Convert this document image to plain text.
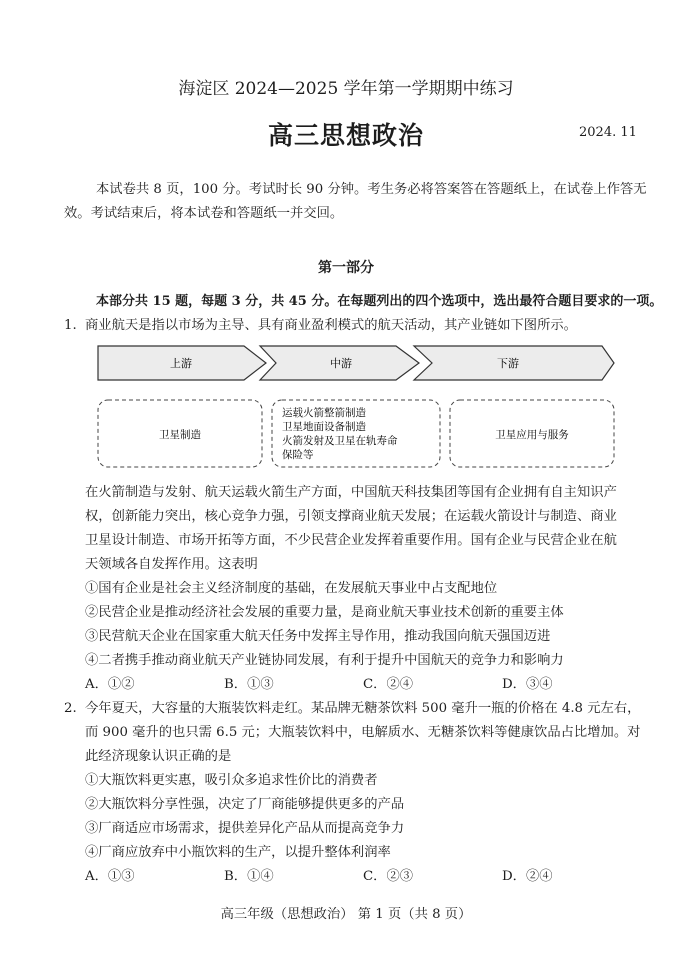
海淀区 2024—2025 学年第一学期期中练习
高三思想政治	2024. 11
本试卷共 8 页，100 分。考试时长 90 分钟。考生务必将答案答在答题纸上，在试卷上作答无
效。考试结束后，将本试卷和答题纸一并交回。
第一部分
本部分共 15 题，每题 3 分，共 45 分。在每题列出的四个选项中，选出最符合题目要求的一项。
1. 商业航天是指以市场为主导、具有商业盈利模式的航天活动，其产业链如下图所示。
上游	中游	下游
卫星制造
运载火箭整箭制造
卫星地面设备制造
火箭发射及卫星在轨寿命
保险等
卫星应用与服务
在火箭制造与发射、航天运载火箭生产方面，中国航天科技集团等国有企业拥有自主知识产
权，创新能力突出，核心竞争力强，引领支撑商业航天发展；在运载火箭设计与制造、商业
卫星设计制造、市场开拓等方面，不少民营企业发挥着重要作用。国有企业与民营企业在航
天领域各自发挥作用。这表明
①国有企业是社会主义经济制度的基础，在发展航天事业中占支配地位
②民营企业是推动经济社会发展的重要力量，是商业航天事业技术创新的重要主体
③民营航天企业在国家重大航天任务中发挥主导作用，推动我国向航天强国迈进
④二者携手推动商业航天产业链协同发展，有利于提升中国航天的竞争力和影响力
A．①②	B．①③	C．②④	D．③④
2. 今年夏天，大容量的大瓶装饮料走红。某品牌无糖茶饮料 500 毫升一瓶的价格在 4.8 元左右，
而 900 毫升的也只需 6.5 元；大瓶装饮料中，电解质水、无糖茶饮料等健康饮品占比增加。对
此经济现象认识正确的是
①大瓶饮料更实惠，吸引众多追求性价比的消费者
②大瓶饮料分享性强，决定了厂商能够提供更多的产品
③厂商适应市场需求，提供差异化产品从而提高竞争力
④厂商应放弃中小瓶饮料的生产，以提升整体利润率
A．①③	B．①④	C．②③	D．②④
高三年级（思想政治） 第 1 页（共 8 页）
